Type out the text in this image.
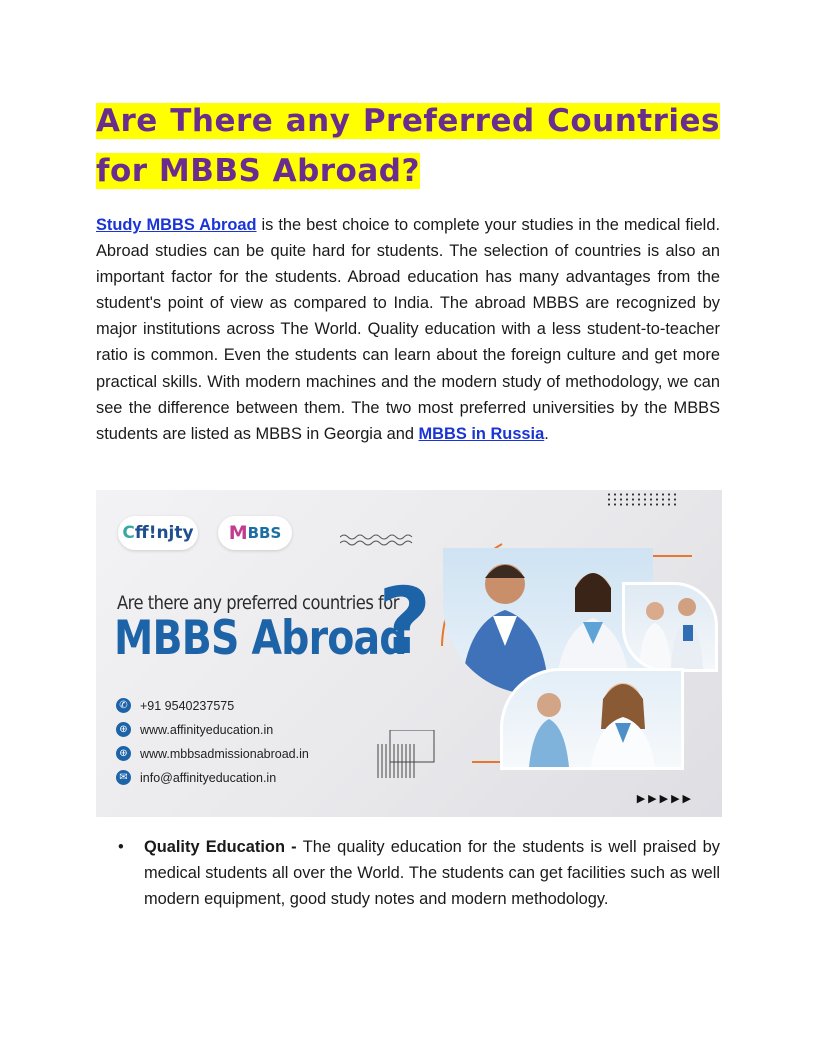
Are There any Preferred Countries for MBBS Abroad?

Study MBBS Abroad is the best choice to complete your studies in the medical field. Abroad studies can be quite hard for students. The selection of countries is also an important factor for the students. Abroad education has many advantages from the student's point of view as compared to India. The abroad MBBS are recognized by major institutions across The World. Quality education with a less student-to-teacher ratio is common. Even the students can learn about the foreign culture and get more practical skills. With modern machines and the modern study of methodology, we can see the difference between them. The two most preferred universities by the MBBS students are listed as MBBS in Georgia and MBBS in Russia.

C ff !njty M BBS
Are there any preferred countries for
MBBS Abroad
?
✆ +91 9540237575
⊕ www.affinityeducation.in
⊕ www.mbbsadmissionabroad.in
✉ info@affinityeducation.in
▶▶▶▶▶
• Quality Education - The quality education for the students is well praised by medical students all over the World. The students can get facilities such as well modern equipment, good study notes and modern methodology.
